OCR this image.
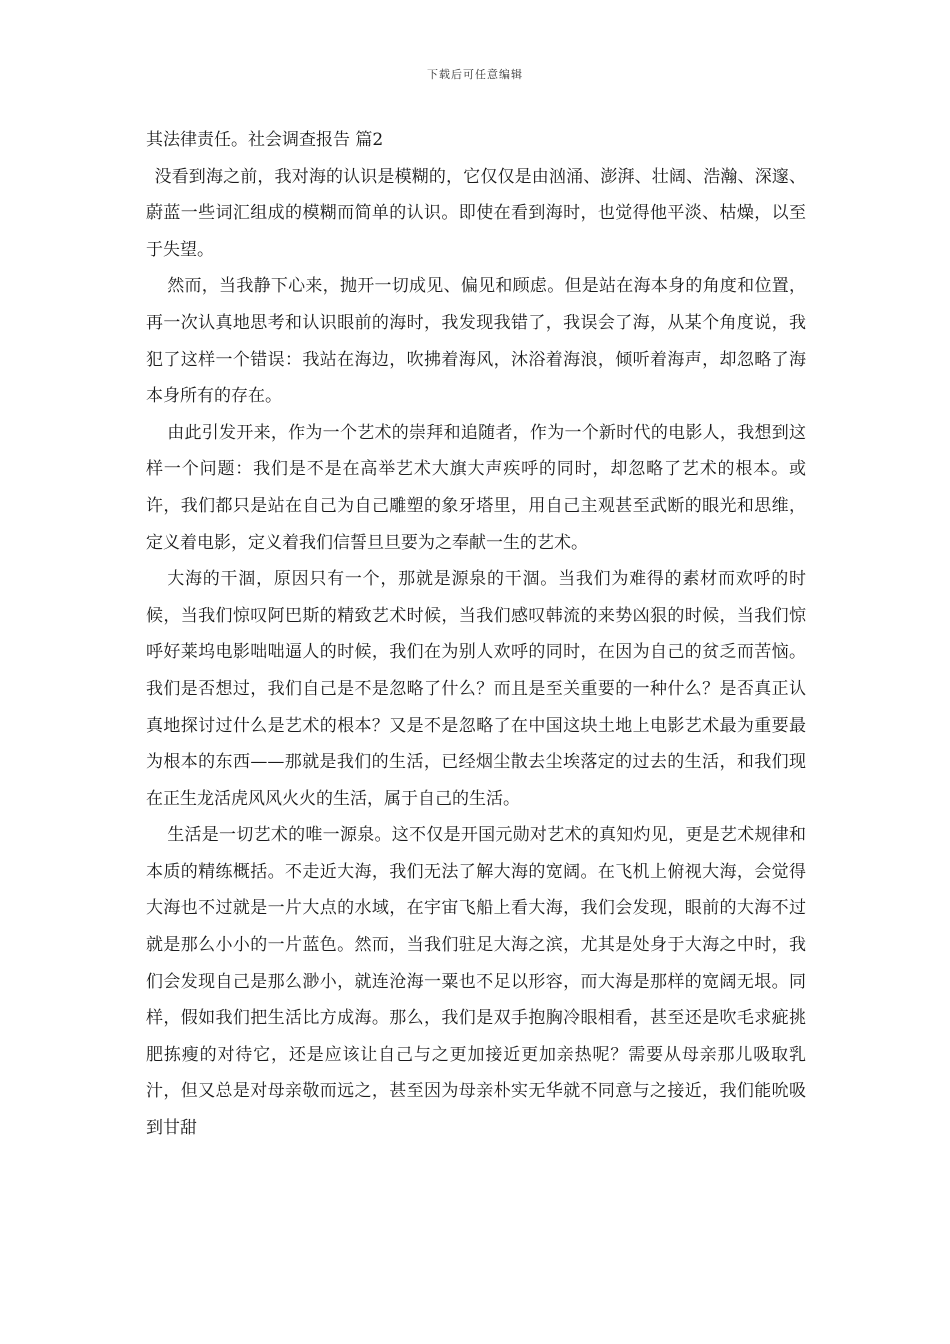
下载后可任意编辑
其法律责任。社会调查报告 篇2

没看到海之前，我对海的认识是模糊的，它仅仅是由汹涌、澎湃、壮阔、浩瀚、深邃、蔚蓝一些词汇组成的模糊而简单的认识。即使在看到海时，也觉得他平淡、枯燥，以至于失望。

然而，当我静下心来，抛开一切成见、偏见和顾虑。但是站在海本身的角度和位置，再一次认真地思考和认识眼前的海时，我发现我错了，我误会了海，从某个角度说，我犯了这样一个错误：我站在海边，吹拂着海风，沐浴着海浪，倾听着海声，却忽略了海本身所有的存在。

由此引发开来，作为一个艺术的崇拜和追随者，作为一个新时代的电影人，我想到这样一个问题：我们是不是在高举艺术大旗大声疾呼的同时，却忽略了艺术的根本。或许，我们都只是站在自己为自己雕塑的象牙塔里，用自己主观甚至武断的眼光和思维，定义着电影，定义着我们信誓旦旦要为之奉献一生的艺术。

大海的干涸，原因只有一个，那就是源泉的干涸。当我们为难得的素材而欢呼的时候，当我们惊叹阿巴斯的精致艺术时候，当我们感叹韩流的来势凶狠的时候，当我们惊呼好莱坞电影咄咄逼人的时候，我们在为别人欢呼的同时，在因为自己的贫乏而苦恼。我们是否想过，我们自己是不是忽略了什么？而且是至关重要的一种什么？是否真正认真地探讨过什么是艺术的根本？又是不是忽略了在中国这块土地上电影艺术最为重要最为根本的东西——那就是我们的生活，已经烟尘散去尘埃落定的过去的生活，和我们现在正生龙活虎风风火火的生活，属于自己的生活。

生活是一切艺术的唯一源泉。这不仅是开国元勋对艺术的真知灼见，更是艺术规律和本质的精练概括。不走近大海，我们无法了解大海的宽阔。在飞机上俯视大海，会觉得大海也不过就是一片大点的水域，在宇宙飞船上看大海，我们会发现，眼前的大海不过就是那么小小的一片蓝色。然而，当我们驻足大海之滨，尤其是处身于大海之中时，我们会发现自己是那么渺小，就连沧海一粟也不足以形容，而大海是那样的宽阔无垠。同样，假如我们把生活比方成海。那么，我们是双手抱胸冷眼相看，甚至还是吹毛求疵挑肥拣瘦的对待它，还是应该让自己与之更加接近更加亲热呢？需要从母亲那儿吸取乳汁，但又总是对母亲敬而远之，甚至因为母亲朴实无华就不同意与之接近，我们能吮吸到甘甜
